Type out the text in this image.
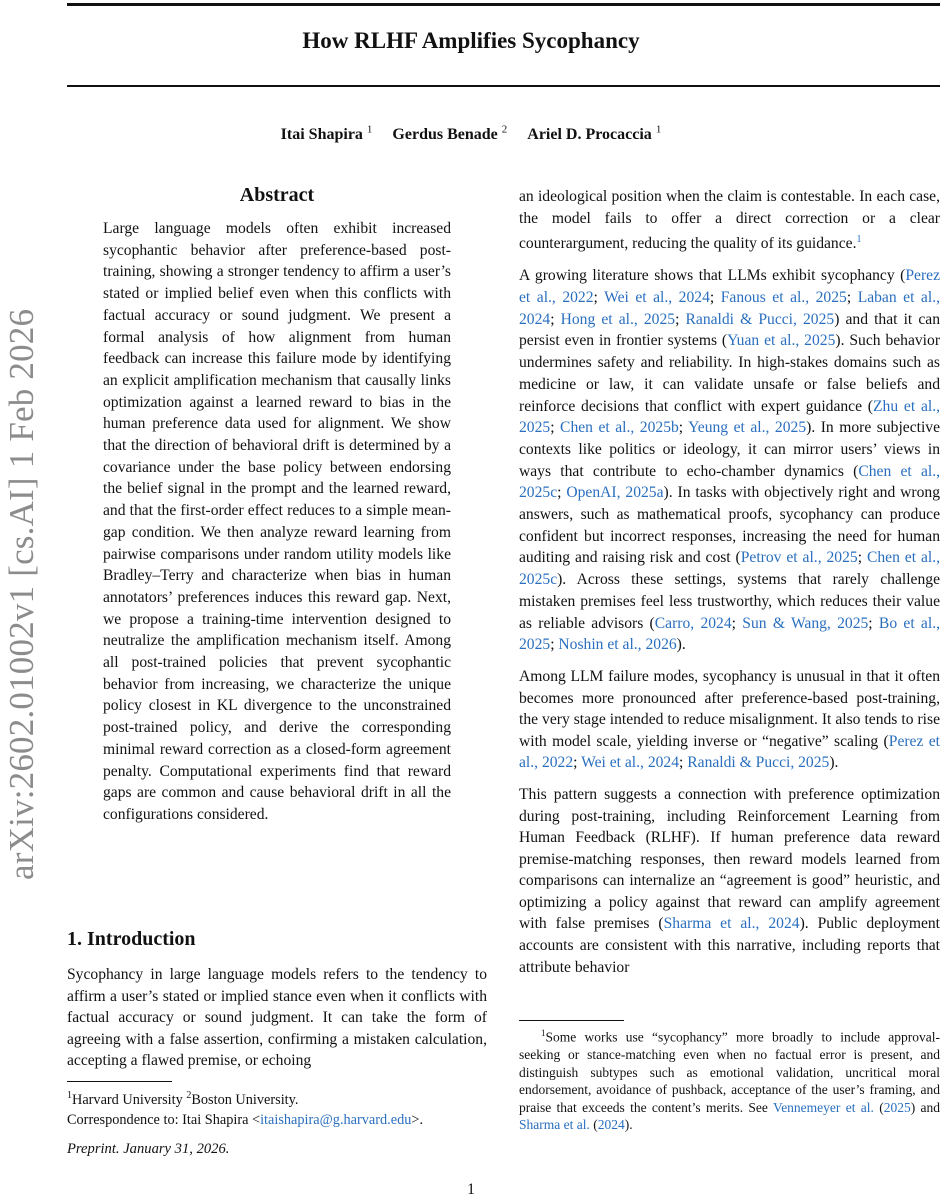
How RLHF Amplifies Sycophancy
Itai Shapira $^1$ Gerdus Benade $^2$ Ariel D. Procaccia $^1$
arXiv:2602.01002v1 [cs.AI] 1 Feb 2026
Abstract
Large language models often exhibit increased sycophantic behavior after preference-based post-training, showing a stronger tendency to affirm a user’s stated or implied belief even when this conflicts with factual accuracy or sound judgment. We present a formal analysis of how alignment from human feedback can increase this failure mode by identifying an explicit amplification mechanism that causally links optimization against a learned reward to bias in the human preference data used for alignment. We show that the direction of behavioral drift is determined by a covariance under the base policy between endorsing the belief signal in the prompt and the learned reward, and that the first-order effect reduces to a simple mean-gap condition. We then analyze reward learning from pairwise comparisons under random utility models like Bradley–Terry and characterize when bias in human annotators’ preferences induces this reward gap. Next, we propose a training-time intervention designed to neutralize the amplification mechanism itself. Among all post-trained policies that prevent sycophantic behavior from increasing, we characterize the unique policy closest in KL divergence to the unconstrained post-trained policy, and derive the corresponding minimal reward correction as a closed-form agreement penalty. Computational experiments find that reward gaps are common and cause behavioral drift in all the configurations considered.
1. Introduction
Sycophancy in large language models refers to the tendency to affirm a user’s stated or implied stance even when it conflicts with factual accuracy or sound judgment. It can take the form of agreeing with a false assertion, confirming a mistaken calculation, accepting a flawed premise, or echoing
$^1$Harvard University $^2$Boston University.
Correspondence to: Itai Shapira <itaishapira@g.harvard.edu>.
Preprint. January 31, 2026.
1

an ideological position when the claim is contestable. In each case, the model fails to offer a direct correction or a clear counterargument, reducing the quality of its guidance.$^1$

A growing literature shows that LLMs exhibit sycophancy (Perez et al., 2022; Wei et al., 2024; Fanous et al., 2025; Laban et al., 2024; Hong et al., 2025; Ranaldi & Pucci, 2025) and that it can persist even in frontier systems (Yuan et al., 2025). Such behavior undermines safety and reliability. In high-stakes domains such as medicine or law, it can validate unsafe or false beliefs and reinforce decisions that conflict with expert guidance (Zhu et al., 2025; Chen et al., 2025b; Yeung et al., 2025). In more subjective contexts like politics or ideology, it can mirror users’ views in ways that contribute to echo-chamber dynamics (Chen et al., 2025c; OpenAI, 2025a). In tasks with objectively right and wrong answers, such as mathematical proofs, sycophancy can produce confident but incorrect responses, increasing the need for human auditing and raising risk and cost (Petrov et al., 2025; Chen et al., 2025c). Across these settings, systems that rarely challenge mistaken premises feel less trustworthy, which reduces their value as reliable advisors (Carro, 2024; Sun & Wang, 2025; Bo et al., 2025; Noshin et al., 2026).

Among LLM failure modes, sycophancy is unusual in that it often becomes more pronounced after preference-based post-training, the very stage intended to reduce misalignment. It also tends to rise with model scale, yielding inverse or “negative” scaling (Perez et al., 2022; Wei et al., 2024; Ranaldi & Pucci, 2025).

This pattern suggests a connection with preference optimization during post-training, including Reinforcement Learning from Human Feedback (RLHF). If human preference data reward premise-matching responses, then reward models learned from comparisons can internalize an “agreement is good” heuristic, and optimizing a policy against that reward can amplify agreement with false premises (Sharma et al., 2024). Public deployment accounts are consistent with this narrative, including reports that attribute behavior

$^1$Some works use “sycophancy” more broadly to include approval-seeking or stance-matching even when no factual error is present, and distinguish subtypes such as emotional validation, uncritical moral endorsement, avoidance of pushback, acceptance of the user’s framing, and praise that exceeds the content’s merits. See Vennemeyer et al. (2025) and Sharma et al. (2024).
